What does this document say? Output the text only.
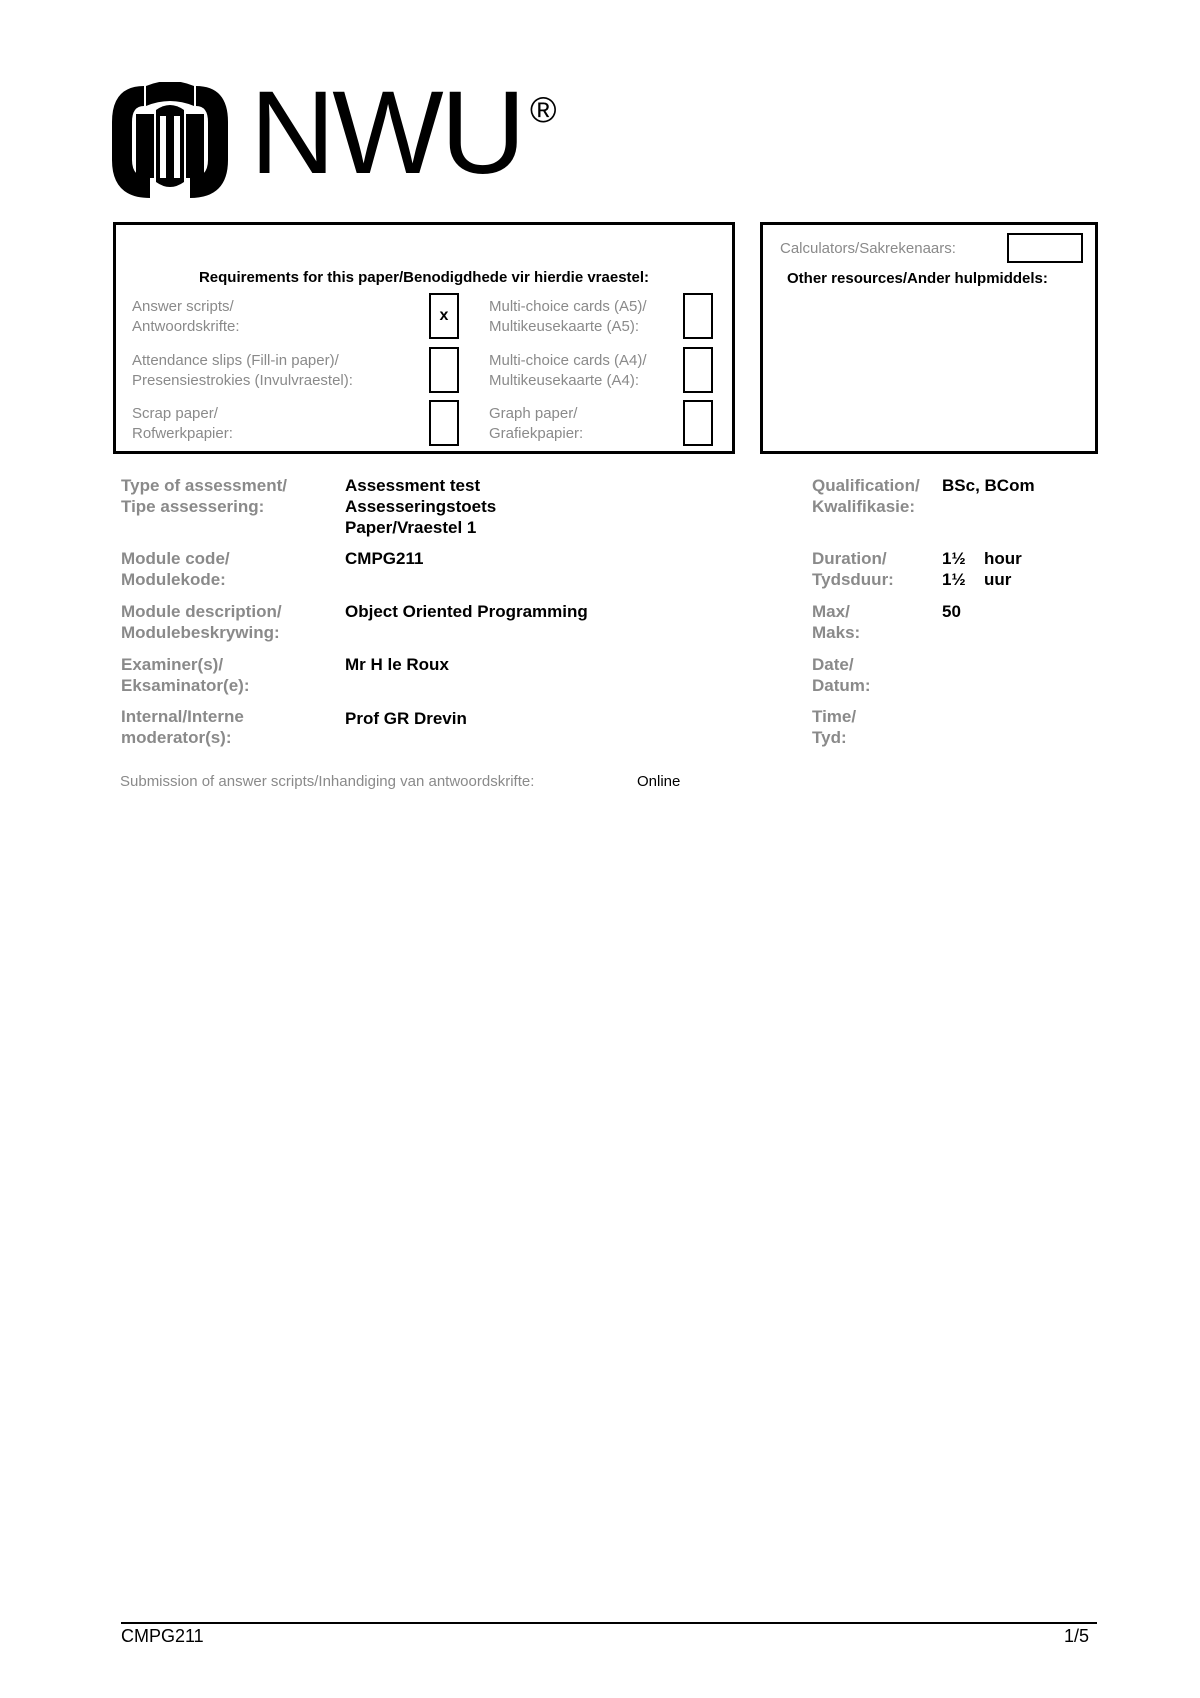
NWU ®
Requirements for this paper/Benodigdhede vir hierdie vraestel:
Answer scripts/
Antwoordskrifte:
x
Attendance slips (Fill-in paper)/
Presensiestrokies (Invulvraestel):
Scrap paper/
Rofwerkpapier:
Multi-choice cards (A5)/
Multikeusekaarte (A5):
Multi-choice cards (A4)/
Multikeusekaarte (A4):
Graph paper/
Grafiekpapier:
Calculators/Sakrekenaars:
Other resources/Ander hulpmiddels:
Type of assessment/
Tipe assessering:
Assessment test
Assesseringstoets
Paper/Vraestel 1
Module code/
Modulekode:
CMPG211
Module description/
Modulebeskrywing:
Object Oriented Programming
Examiner(s)/
Eksaminator(e):
Mr H le Roux
Internal/Interne
moderator(s):
Prof GR Drevin
Qualification/
Kwalifikasie:
BSc, BCom
Duration/
Tydsduur:
1½
1½
hour
uur
Max/
Maks:
50
Date/
Datum:
Time/
Tyd:
Submission of answer scripts/Inhandiging van antwoordskrifte:	Online
CMPG211	1/5
